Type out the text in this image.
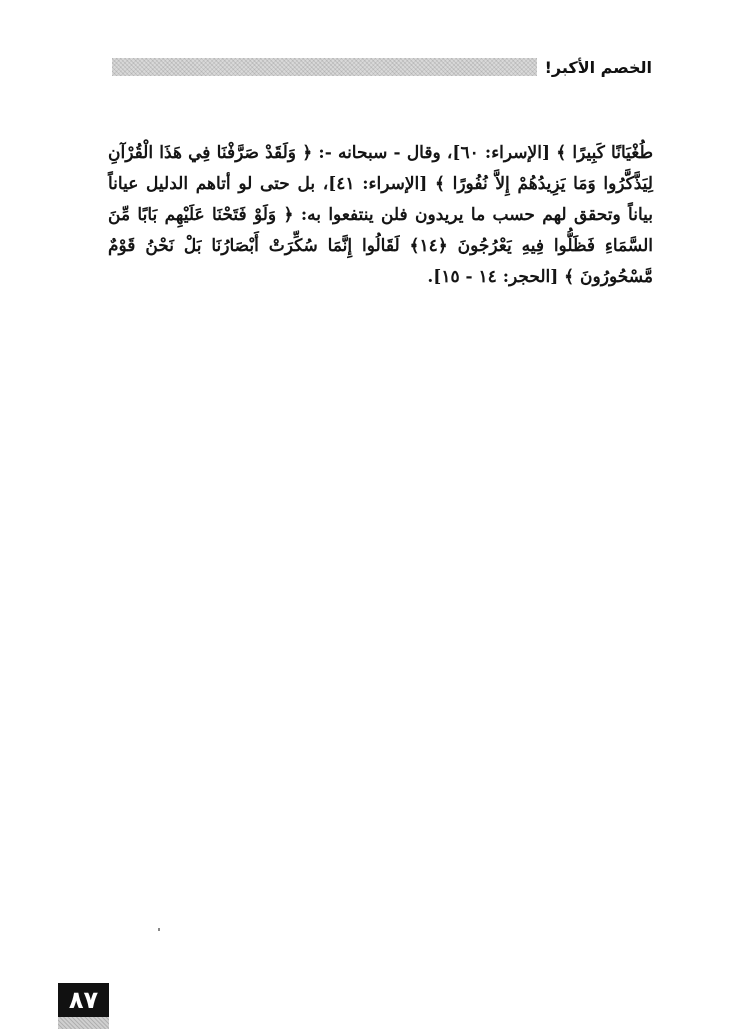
الخصم الأكبر!
طُغْيَانًا كَبِيرًا ﴾ [الإسراء: ٦٠]، وقال - سبحانه -: ﴿ وَلَقَدْ صَرَّفْنَا فِي هَذَا الْقُرْآنِ لِيَذَّكَّرُوا وَمَا يَزِيدُهُمْ إِلاَّ نُفُورًا ﴾ [الإسراء: ٤١]، بل حتى لو أتاهم الدليل عياناً بياناً وتحقق لهم حسب ما يريدون فلن ينتفعوا به: ﴿ وَلَوْ فَتَحْنَا عَلَيْهِم بَابًا مِّنَ السَّمَاءِ فَظَلُّوا فِيهِ يَعْرُجُونَ ﴿١٤﴾ لَقَالُوا إِنَّمَا سُكِّرَتْ أَبْصَارُنَا بَلْ نَحْنُ قَوْمٌ مَّسْحُورُونَ ﴾ [الحجر: ١٤ - ١٥].
٨٧
